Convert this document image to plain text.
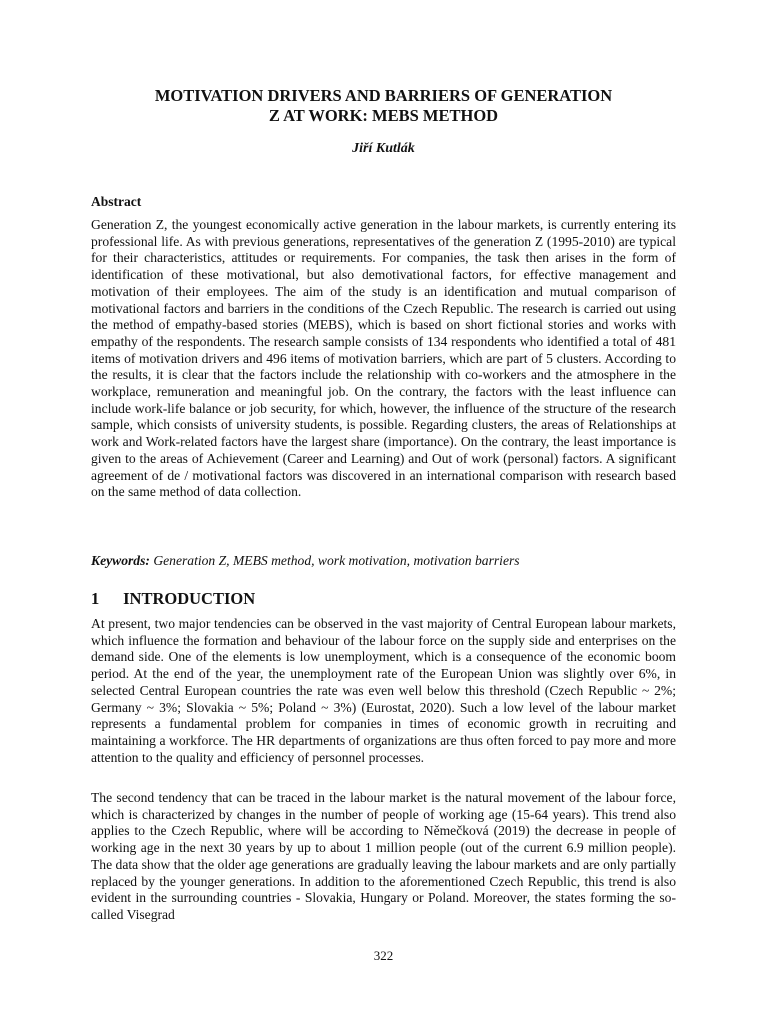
MOTIVATION DRIVERS AND BARRIERS OF GENERATION
Z AT WORK: MEBS METHOD

Jiří Kutlák

Abstract

Generation Z, the youngest economically active generation in the labour markets, is currently entering its professional life. As with previous generations, representatives of the generation Z (1995-2010) are typical for their characteristics, attitudes or requirements. For companies, the task then arises in the form of identification of these motivational, but also demotivational factors, for effective management and motivation of their employees. The aim of the study is an identification and mutual comparison of motivational factors and barriers in the conditions of the Czech Republic. The research is carried out using the method of empathy-based stories (MEBS), which is based on short fictional stories and works with empathy of the respondents. The research sample consists of 134 respondents who identified a total of 481 items of motivation drivers and 496 items of motivation barriers, which are part of 5 clusters. According to the results, it is clear that the factors include the relationship with co-workers and the atmosphere in the workplace, remuneration and meaningful job. On the contrary, the factors with the least influence can include work-life balance or job security, for which, however, the influence of the structure of the research sample, which consists of university students, is possible. Regarding clusters, the areas of Relationships at work and Work-related factors have the largest share (importance). On the contrary, the least importance is given to the areas of Achievement (Career and Learning) and Out of work (personal) factors. A significant agreement of de / motivational factors was discovered in an international comparison with research based on the same method of data collection.

Keywords: Generation Z, MEBS method, work motivation, motivation barriers

1 INTRODUCTION

At present, two major tendencies can be observed in the vast majority of Central European labour markets, which influence the formation and behaviour of the labour force on the supply side and enterprises on the demand side. One of the elements is low unemployment, which is a consequence of the economic boom period. At the end of the year, the unemployment rate of the European Union was slightly over 6%, in selected Central European countries the rate was even well below this threshold (Czech Republic ~ 2%; Germany ~ 3%; Slovakia ~ 5%; Poland ~ 3%) (Eurostat, 2020). Such a low level of the labour market represents a fundamental problem for companies in times of economic growth in recruiting and maintaining a workforce. The HR departments of organizations are thus often forced to pay more and more attention to the quality and efficiency of personnel processes.

The second tendency that can be traced in the labour market is the natural movement of the labour force, which is characterized by changes in the number of people of working age (15-64 years). This trend also applies to the Czech Republic, where will be according to Němečková (2019) the decrease in people of working age in the next 30 years by up to about 1 million people (out of the current 6.9 million people). The data show that the older age generations are gradually leaving the labour markets and are only partially replaced by the younger generations. In addition to the aforementioned Czech Republic, this trend is also evident in the surrounding countries - Slovakia, Hungary or Poland. Moreover, the states forming the so-called Visegrad

322
